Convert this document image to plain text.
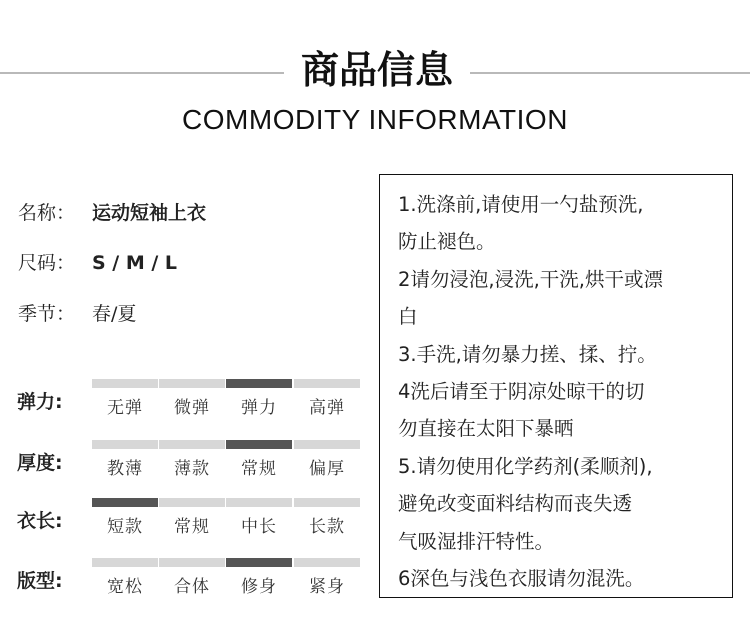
商品信息
COMMODITY INFORMATION
名称： 运动短袖上衣
尺码： S / M / L
季节： 春/夏
弹力:	无弹	微弹	弹力	高弹
厚度:	教薄	薄款	常规	偏厚
衣长:	短款	常规	中长	长款
版型:	宽松	合体	修身	紧身

1.洗涤前,请使用一勺盐预洗,

防止褪色。

2请勿浸泡,浸洗,干洗,烘干或漂

白

3.手洗,请勿暴力搓、揉、拧。

4洗后请至于阴凉处晾干的切

勿直接在太阳下暴晒

5.请勿使用化学药剂(柔顺剂),

避免改变面料结构而丧失透

气吸湿排汗特性。

6深色与浅色衣服请勿混洗。
